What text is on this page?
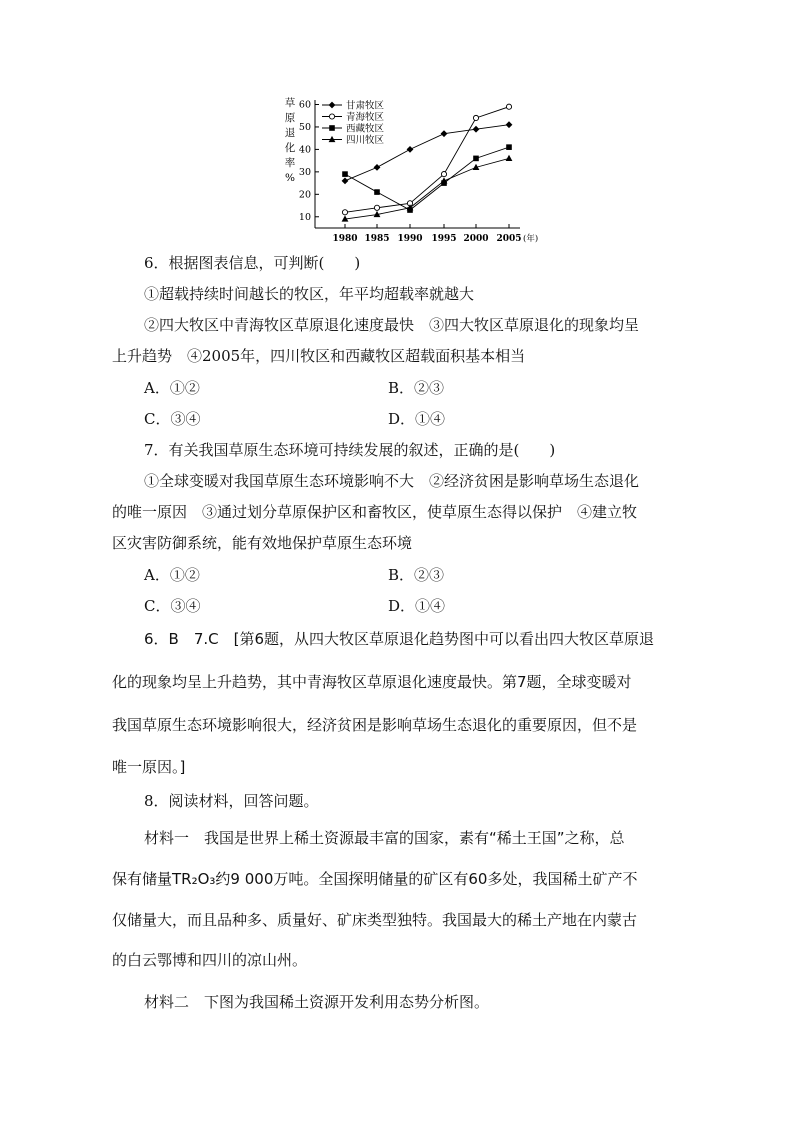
草
原
退
化
率
%
10
20
30
40
50
60
1980 1985 1990 1995 2000 2005 (年)
甘肃牧区
青海牧区
西藏牧区
四川牧区
6．根据图表信息，可判断(　　)
①超载持续时间越长的牧区，年平均超载率就越大
②四大牧区中青海牧区草原退化速度最快　③四大牧区草原退化的现象均呈
上升趋势　④2005年，四川牧区和西藏牧区超载面积基本相当
A．①②	B．②③
C．③④	D．①④
7．有关我国草原生态环境可持续发展的叙述，正确的是(　　)
①全球变暖对我国草原生态环境影响不大　②经济贫困是影响草场生态退化
的唯一原因　③通过划分草原保护区和畜牧区，使草原生态得以保护　④建立牧
区灾害防御系统，能有效地保护草原生态环境
A．①②	B．②③
C．③④	D．①④
6．B　7.C　[第6题，从四大牧区草原退化趋势图中可以看出四大牧区草原退
化的现象均呈上升趋势，其中青海牧区草原退化速度最快。第7题，全球变暖对
我国草原生态环境影响很大，经济贫困是影响草场生态退化的重要原因，但不是
唯一原因。]
8．阅读材料，回答问题。
材料一　我国是世界上稀土资源最丰富的国家，素有“稀土王国”之称，总
保有储量TR₂O₃约9 000万吨。全国探明储量的矿区有60多处，我国稀土矿产不
仅储量大，而且品种多、质量好、矿床类型独特。我国最大的稀土产地在内蒙古
的白云鄂博和四川的凉山州。
材料二　下图为我国稀土资源开发利用态势分析图。
